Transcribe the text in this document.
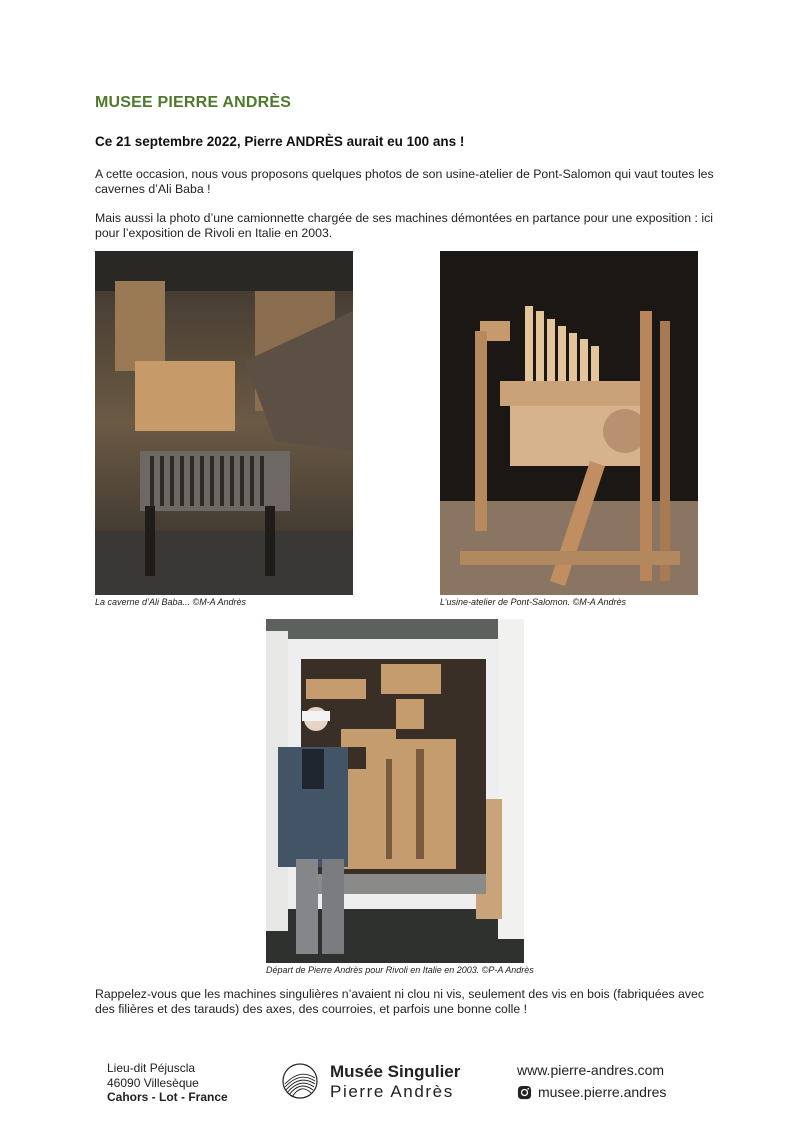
MUSEE PIERRE ANDRÈS
Ce 21 septembre 2022, Pierre ANDRÈS aurait eu 100 ans !
A cette occasion, nous vous proposons quelques photos de son usine-atelier de Pont-Salomon qui vaut toutes les cavernes d’Ali Baba !
Mais aussi la photo d’une camionnette chargée de ses machines démontées en partance pour une exposition : ici pour l’exposition de Rivoli en Italie en 2003.
La caverne d’Ali Baba... ©M-A Andrès	L’usine-atelier de Pont-Salomon. ©M-A Andrès
Départ de Pierre Andrès pour Rivoli en Italie en 2003. ©P-A Andrès
Rappelez-vous que les machines singulières n’avaient ni clou ni vis, seulement des vis en bois (fabriquées avec des filières et des tarauds) des axes, des courroies, et parfois une bonne colle !
Lieu-dit Péjuscla
46090 Villesèque
Cahors - Lot - France
Musée Singulier
Pierre Andrès
www.pierre-andres.com
musee.pierre.andres
